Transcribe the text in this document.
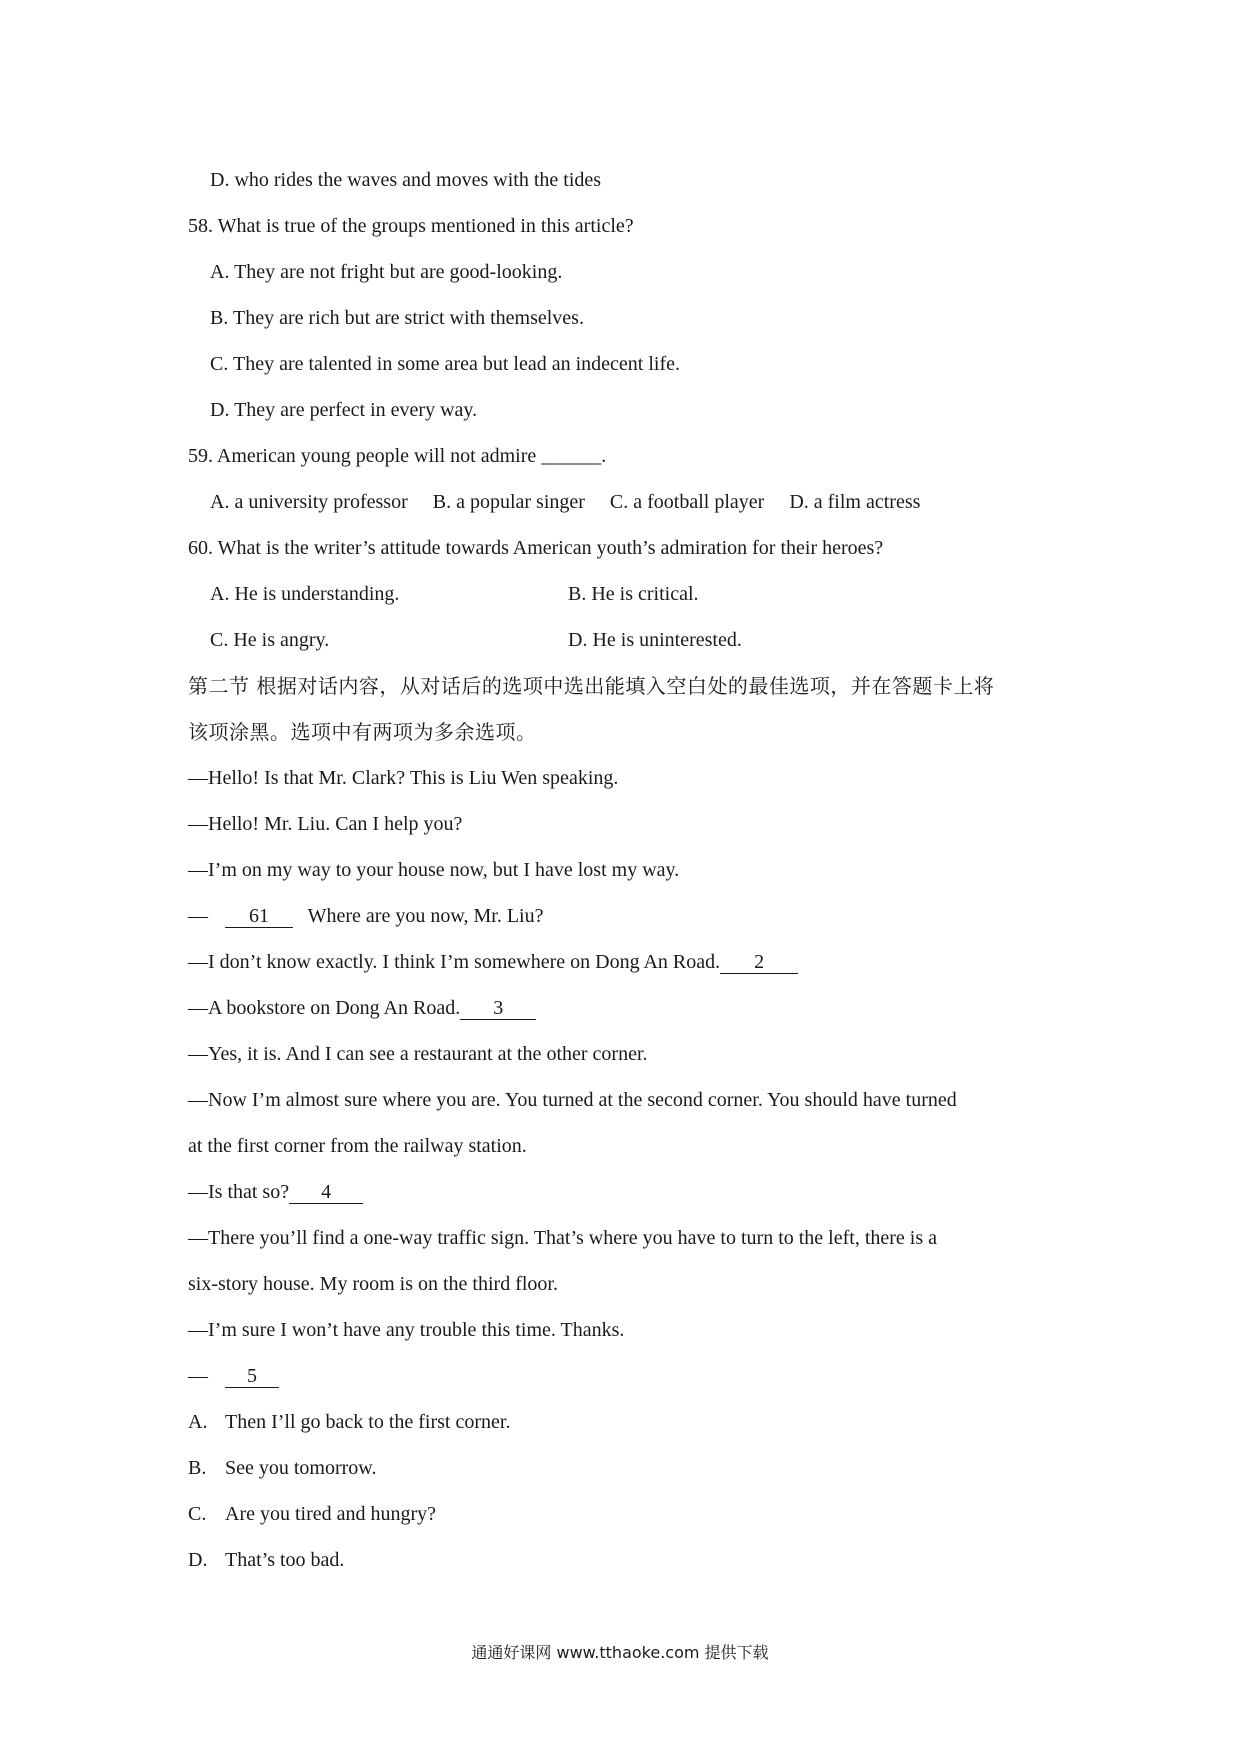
D. who rides the waves and moves with the tides
58. What is true of the groups mentioned in this article?
A. They are not fright but are good-looking.
B. They are rich but are strict with themselves.
C. They are talented in some area but lead an indecent life.
D. They are perfect in every way.
59. American young people will not admire ______.
A. a university professor B. a popular singer C. a football player D. a film actress
60. What is the writer’s attitude towards American youth’s admiration for their heroes?
A. He is understanding.	B. He is critical.
C. He is angry.	D. He is uninterested.
第二节 根据对话内容，从对话后的选项中选出能填入空白处的最佳选项，并在答题卡上将
该项涂黑。选项中有两项为多余选项。
—Hello! Is that Mr. Clark? This is Liu Wen speaking.
—Hello! Mr. Liu. Can I help you?
—I’m on my way to your house now, but I have lost my way.
— 61 Where are you now, Mr. Liu?
—I don’t know exactly. I think I’m somewhere on Dong An Road. 2
—A bookstore on Dong An Road. 3
—Yes, it is. And I can see a restaurant at the other corner.
—Now I’m almost sure where you are. You turned at the second corner. You should have turned
at the first corner from the railway station.
—Is that so? 4
—There you’ll find a one-way traffic sign. That’s where you have to turn to the left, there is a
six-story house. My room is on the third floor.
—I’m sure I won’t have any trouble this time. Thanks.
— 5
A. Then I’ll go back to the first corner.
B. See you tomorrow.
C. Are you tired and hungry?
D. That’s too bad.
通通好课网 www.tthaoke.com 提供下载
